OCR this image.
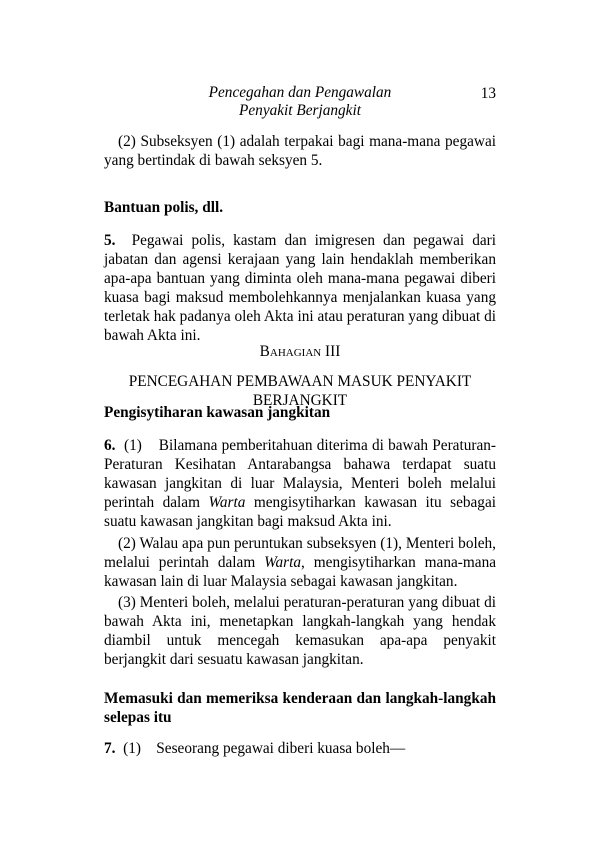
Pencegahan dan Pengawalan
Penyakit Berjangkit
13

(2) Subseksyen (1) adalah terpakai bagi mana-mana pegawai yang bertindak di bawah seksyen 5.

Bantuan polis, dll.

5. Pegawai polis, kastam dan imigresen dan pegawai dari jabatan dan agensi kerajaan yang lain hendaklah memberikan apa-apa bantuan yang diminta oleh mana-mana pegawai diberi kuasa bagi maksud membolehkannya menjalankan kuasa yang terletak hak padanya oleh Akta ini atau peraturan yang dibuat di bawah Akta ini.

Bahagian III
PENCEGAHAN PEMBAWAAN MASUK PENYAKIT BERJANGKIT
Pengisytiharan kawasan jangkitan

6. (1) Bilamana pemberitahuan diterima di bawah Peraturan-Peraturan Kesihatan Antarabangsa bahawa terdapat suatu kawasan jangkitan di luar Malaysia, Menteri boleh melalui perintah dalam Warta mengisytiharkan kawasan itu sebagai suatu kawasan jangkitan bagi maksud Akta ini.

(2) Walau apa pun peruntukan subseksyen (1), Menteri boleh, melalui perintah dalam Warta, mengisytiharkan mana-mana kawasan lain di luar Malaysia sebagai kawasan jangkitan.

(3) Menteri boleh, melalui peraturan-peraturan yang dibuat di bawah Akta ini, menetapkan langkah-langkah yang hendak diambil untuk mencegah kemasukan apa-apa penyakit berjangkit dari sesuatu kawasan jangkitan.

Memasuki dan memeriksa kenderaan dan langkah-langkah selepas itu

7. (1) Seseorang pegawai diberi kuasa boleh—
